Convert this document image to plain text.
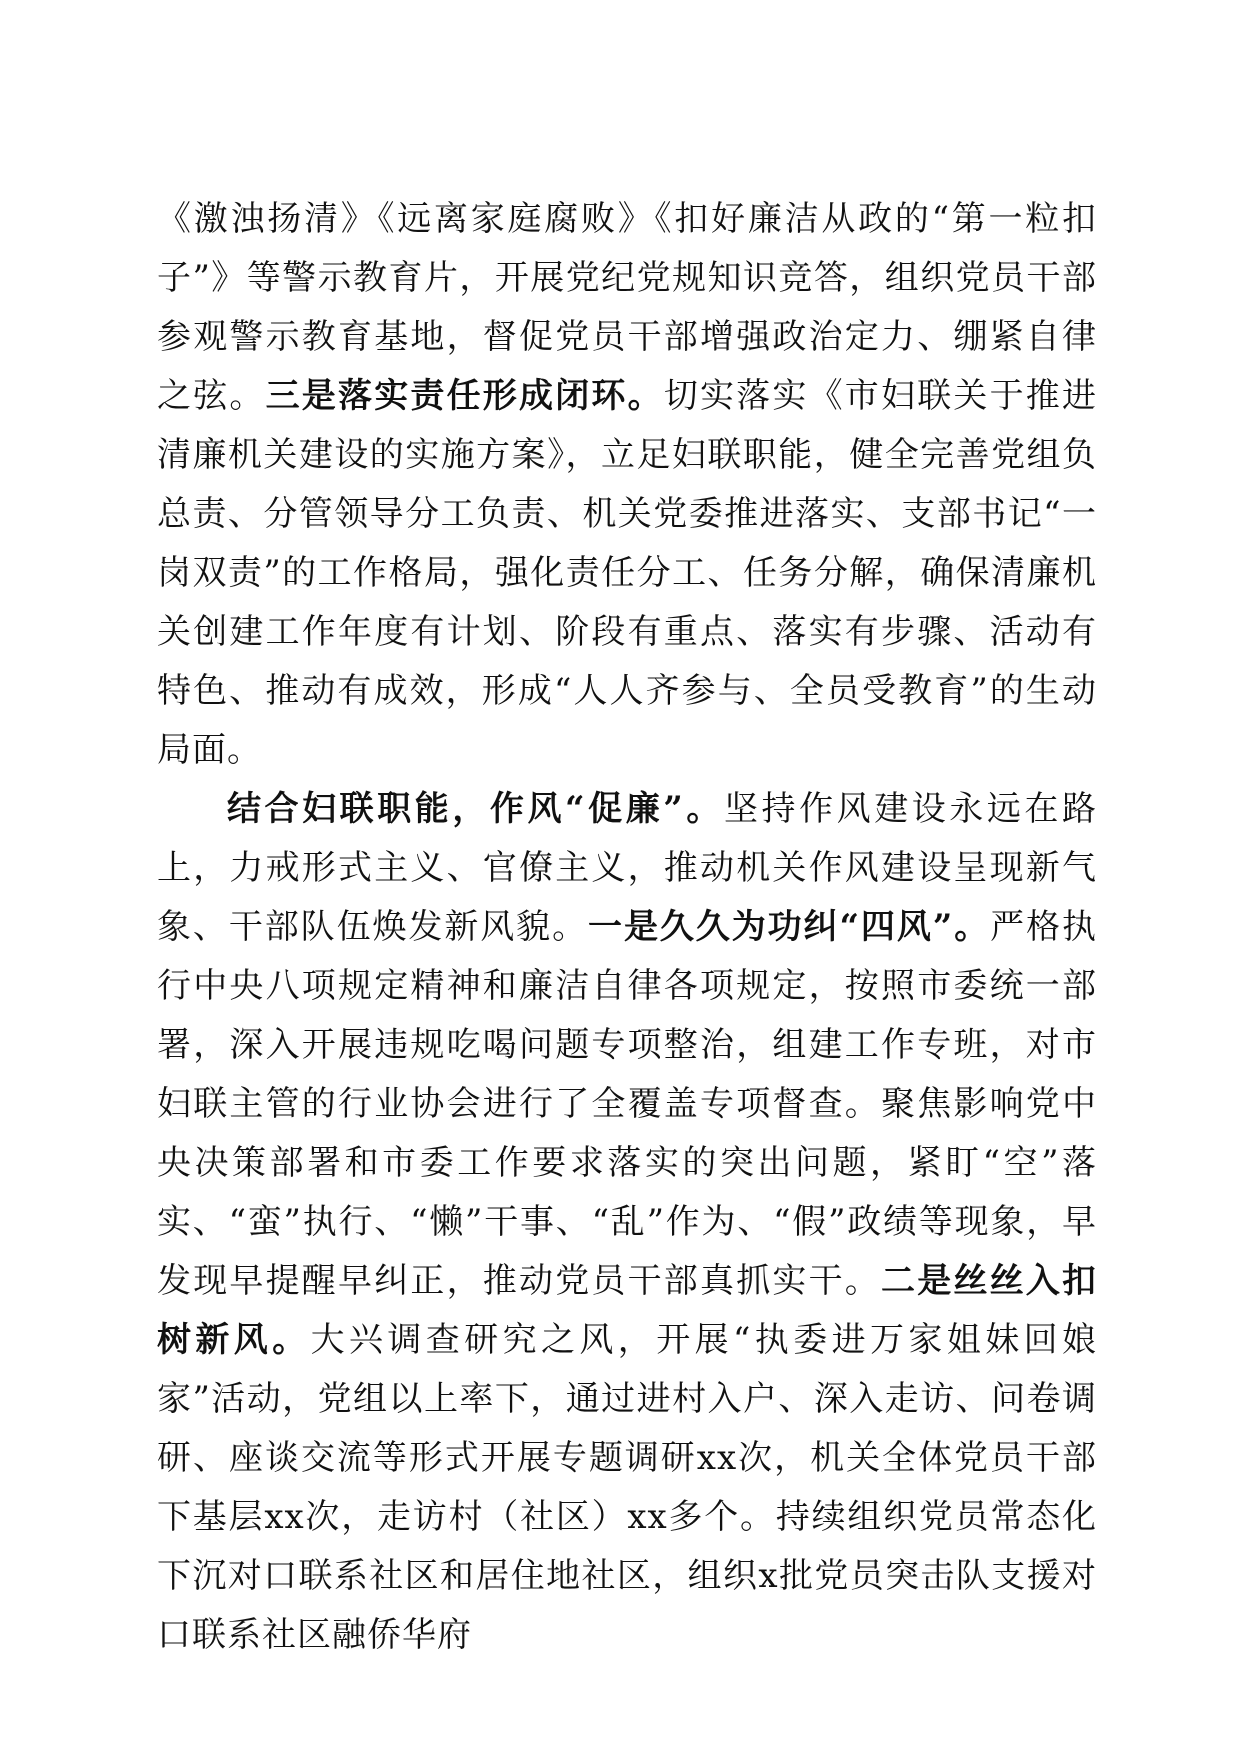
《激浊扬清》《远离家庭腐败》《扣好廉洁从政的“第一粒扣子”》等警示教育片，开展党纪党规知识竞答，组织党员干部参观警示教育基地，督促党员干部增强政治定力、绷紧自律之弦。三是落实责任形成闭环。切实落实《市妇联关于推进清廉机关建设的实施方案》，立足妇联职能，健全完善党组负总责、分管领导分工负责、机关党委推进落实、支部书记“一岗双责”的工作格局，强化责任分工、任务分解，确保清廉机关创建工作年度有计划、阶段有重点、落实有步骤、活动有特色、推动有成效，形成“人人齐参与、全员受教育”的生动局面。

结合妇联职能，作风“促廉”。坚持作风建设永远在路上，力戒形式主义、官僚主义，推动机关作风建设呈现新气象、干部队伍焕发新风貌。一是久久为功纠“四风”。严格执行中央八项规定精神和廉洁自律各项规定，按照市委统一部署，深入开展违规吃喝问题专项整治，组建工作专班，对市妇联主管的行业协会进行了全覆盖专项督查。聚焦影响党中央决策部署和市委工作要求落实的突出问题，紧盯“空”落实、“蛮”执行、“懒”干事、“乱”作为、“假”政绩等现象，早发现早提醒早纠正，推动党员干部真抓实干。二是丝丝入扣树新风。大兴调查研究之风，开展“执委进万家姐妹回娘家”活动，党组以上率下，通过进村入户、深入走访、问卷调研、座谈交流等形式开展专题调研xx次，机关全体党员干部下基层xx次，走访村（社区）xx多个。持续组织党员常态化下沉对口联系社区和居住地社区，组织x批党员突击队支援对口联系社区融侨华府
